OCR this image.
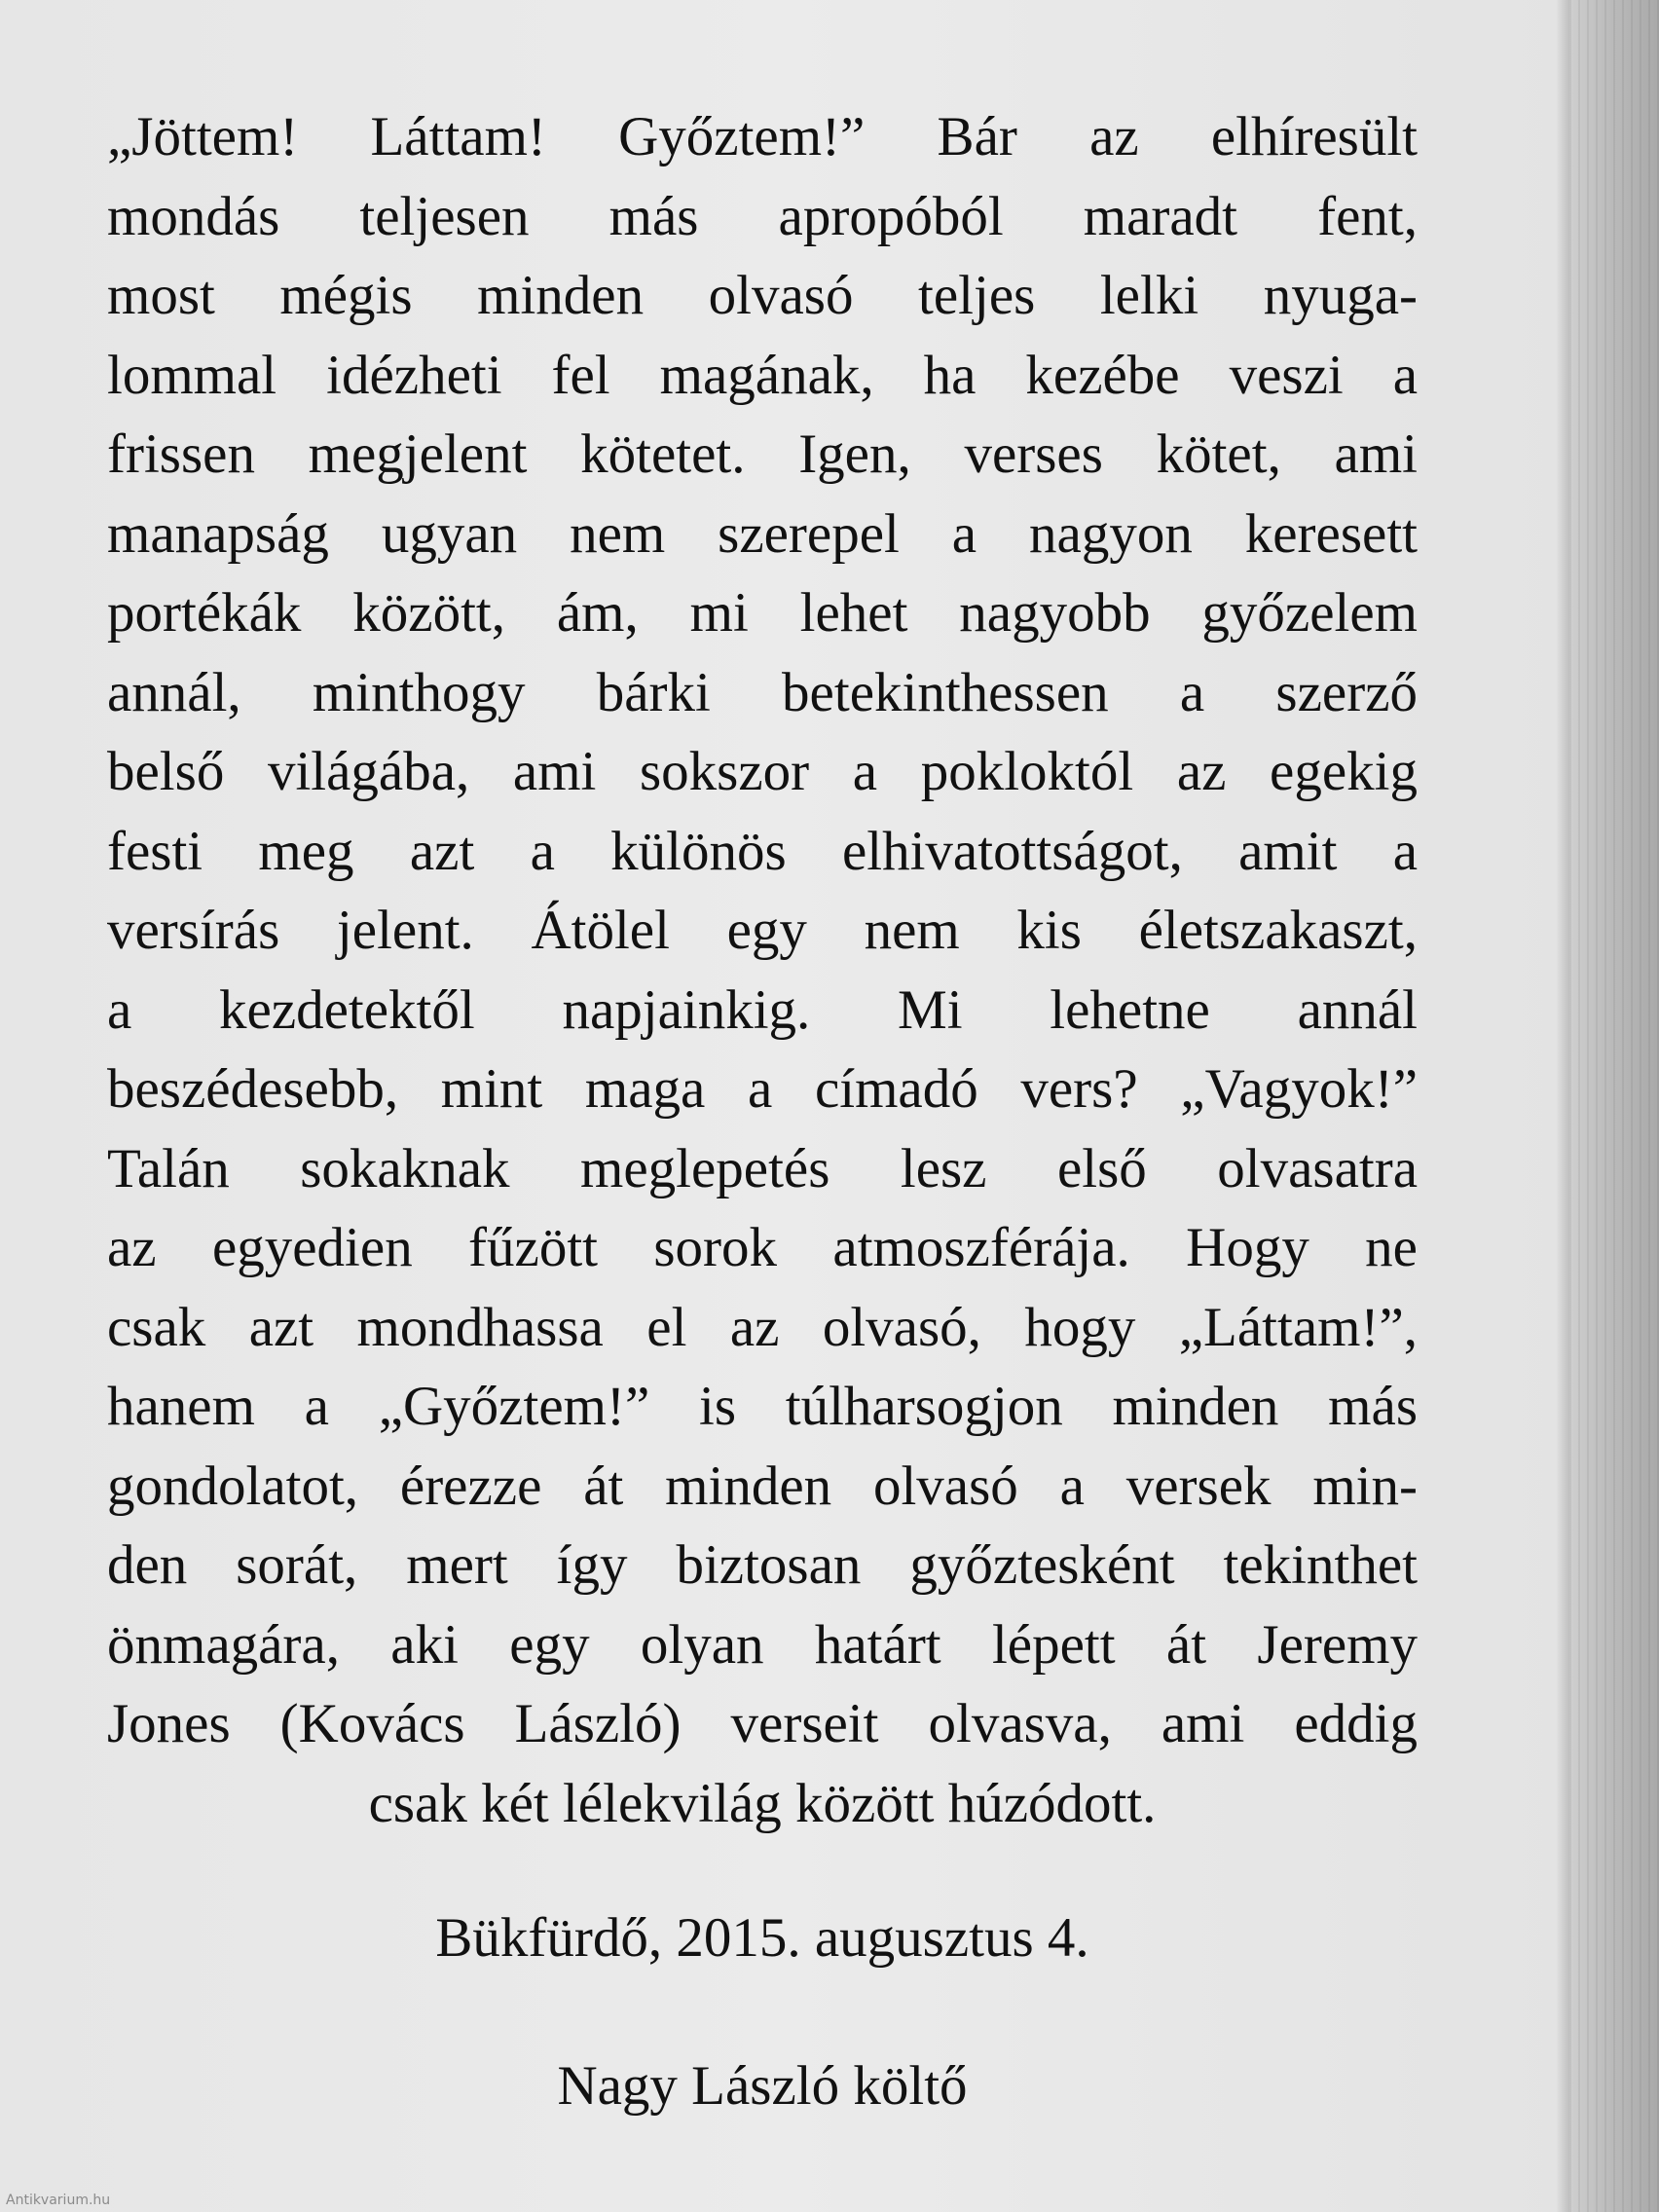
„Jöttem! Láttam! Győztem!” Bár az elhíresült
mondás teljesen más apropóból maradt fent,
most mégis minden olvasó teljes lelki nyuga-
lommal idézheti fel magának, ha kezébe veszi a
frissen megjelent kötetet. Igen, verses kötet, ami
manapság ugyan nem szerepel a nagyon keresett
portékák között, ám, mi lehet nagyobb győzelem
annál, minthogy bárki betekinthessen a szerző
belső világába, ami sokszor a pokloktól az egekig
festi meg azt a különös elhivatottságot, amit a
versírás jelent. Átölel egy nem kis életszakaszt,
a kezdetektől napjainkig. Mi lehetne annál
beszédesebb, mint maga a címadó vers? „Vagyok!”
Talán sokaknak meglepetés lesz első olvasatra
az egyedien fűzött sorok atmoszférája. Hogy ne
csak azt mondhassa el az olvasó, hogy „Láttam!”,
hanem a „Győztem!” is túlharsogjon minden más
gondolatot, érezze át minden olvasó a versek min-
den sorát, mert így biztosan győztesként tekinthet
önmagára, aki egy olyan határt lépett át Jeremy
Jones (Kovács László) verseit olvasva, ami eddig
csak két lélekvilág között húzódott.
Bükfürdő, 2015. augusztus 4.
Nagy László költő
Antikvarium.hu
